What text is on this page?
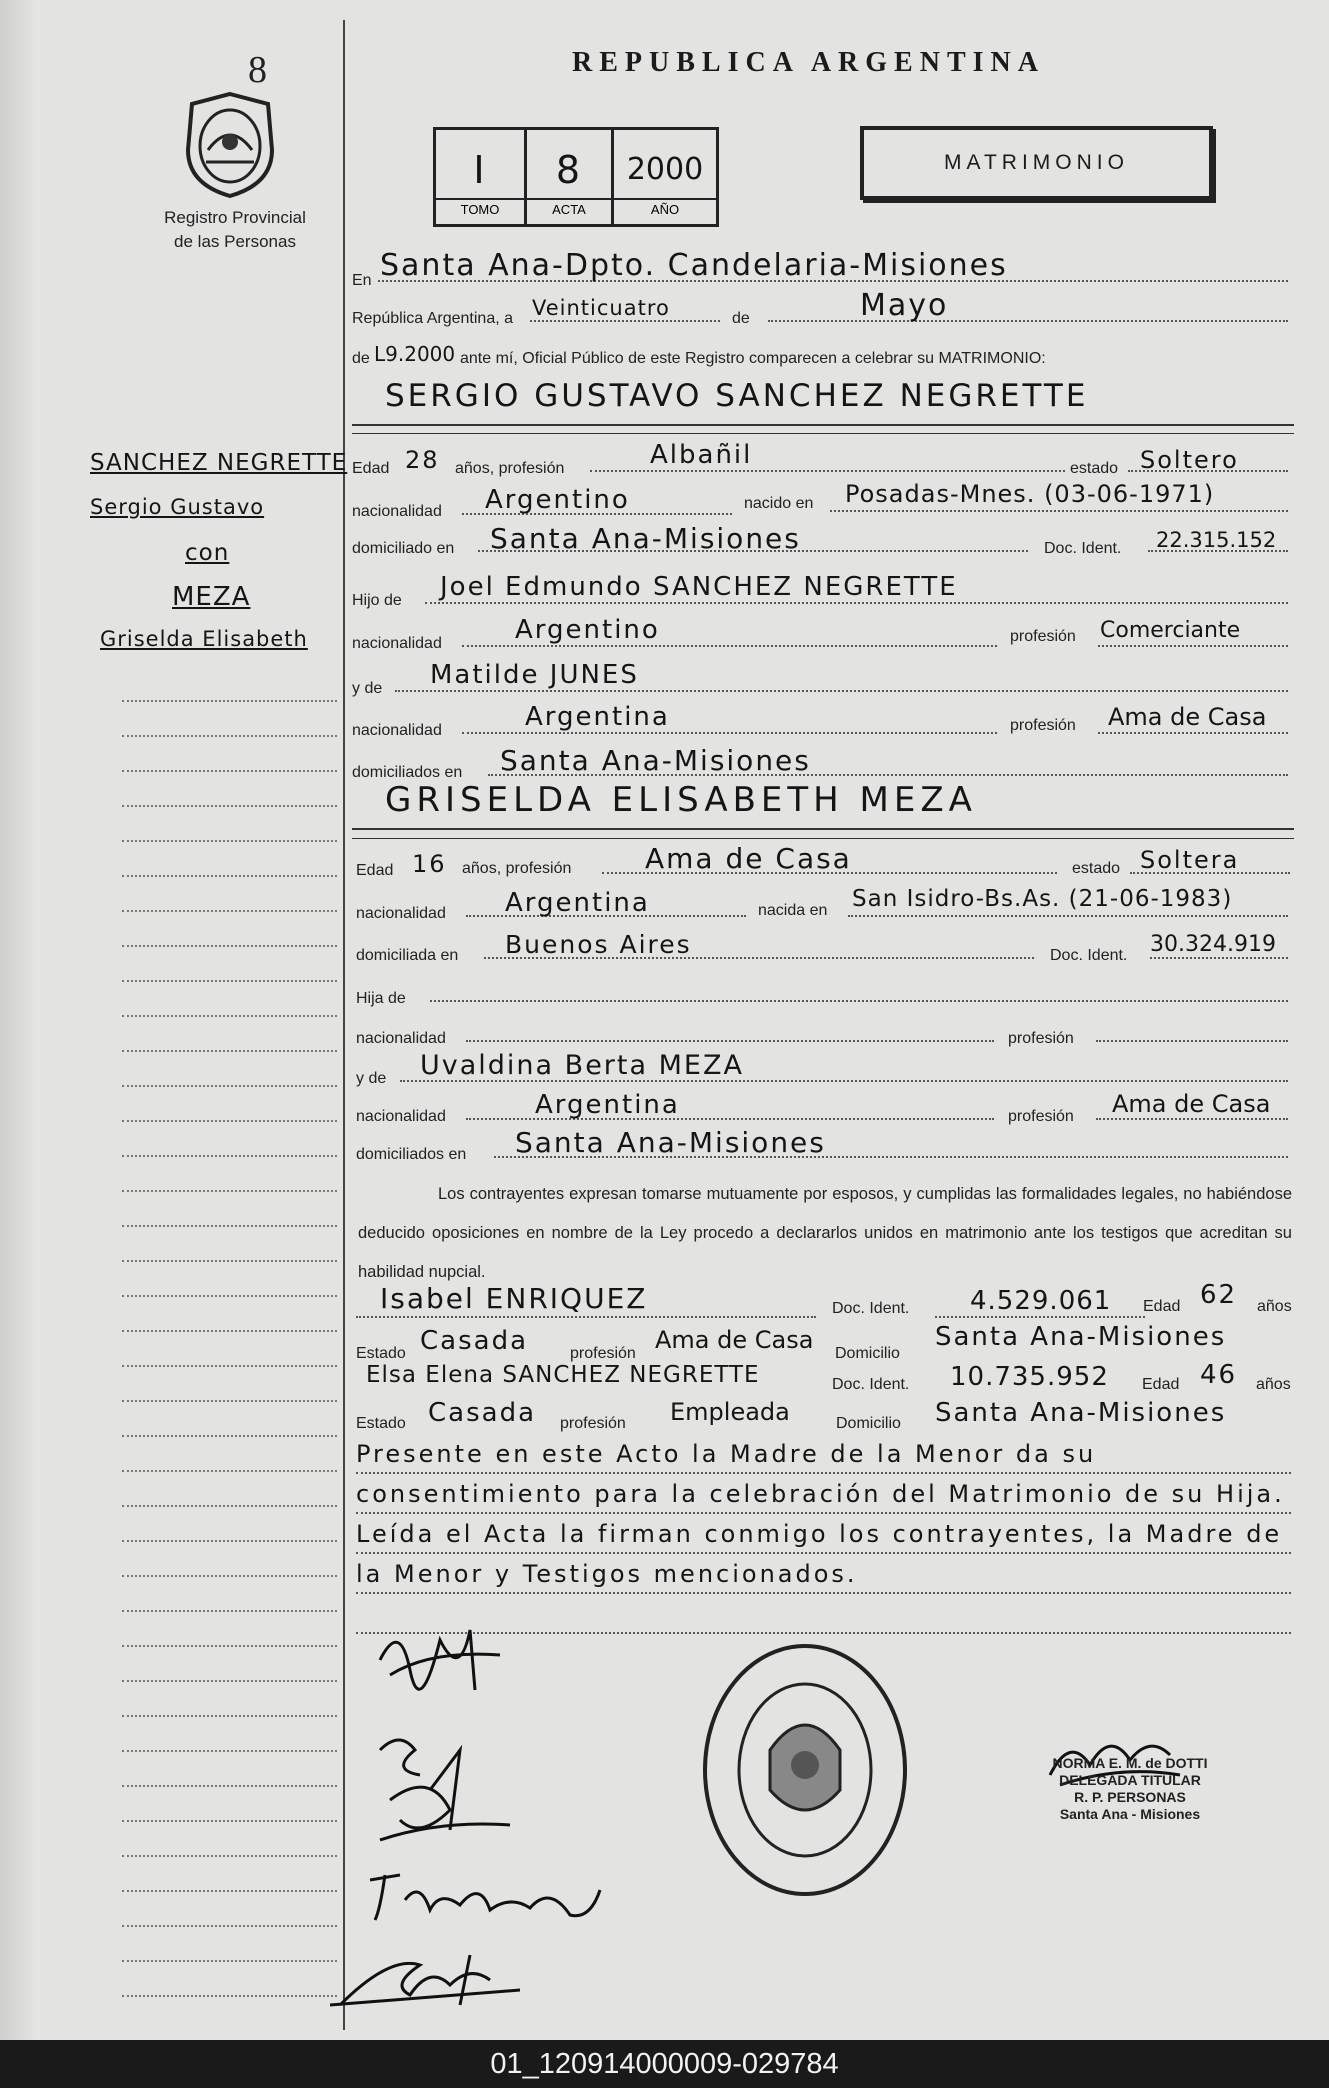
8
Registro Provincial
de las Personas
REPUBLICA ARGENTINA
I	8	2000
TOMO	ACTA	AÑO
MATRIMONIO
SANCHEZ NEGRETTE
Sergio Gustavo
con
MEZA
Griselda Elisabeth
En Santa Ana-Dpto. Candelaria-Misiones
República Argentina, a Veinticuatro	de	Mayo
de L9.2000 ante mí, Oficial Público de este Registro comparecen a celebrar su MATRIMONIO:
SERGIO GUSTAVO SANCHEZ NEGRETTE
Edad 28 años, profesión	Albañil	estado Soltero
nacionalidad Argentino	nacido en Posadas-Mnes. (03-06-1971)
domiciliado en Santa Ana-Misiones	Doc. Ident. 22.315.152
Hijo de Joel Edmundo SANCHEZ NEGRETTE
nacionalidad	Argentino	profesión Comerciante
y de Matilde JUNES
nacionalidad	Argentina	profesión Ama de Casa
domiciliados en Santa Ana-Misiones
GRISELDA ELISABETH MEZA
Edad 16 años, profesión	Ama de Casa	estado Soltera
nacionalidad Argentina	nacida en San Isidro-Bs.As. (21-06-1983)
domiciliada en Buenos Aires	Doc. Ident. 30.324.919
Hija de
nacionalidad	profesión
y de Uvaldina Berta MEZA
nacionalidad	Argentina	profesión Ama de Casa
domiciliados en Santa Ana-Misiones
Los contrayentes expresan tomarse mutuamente por esposos, y cumplidas las formalidades legales, no habiéndose deducido oposiciones en nombre de la Ley procedo a declararlos unidos en matrimonio ante los testigos que acreditan su habilidad nupcial.
Isabel ENRIQUEZ	Doc. Ident. 4.529.061 Edad 62 años
Estado Casada	profesión Ama de Casa Domicilio
Santa Ana-Misiones
Elsa Elena SANCHEZ NEGRETTE	Doc. Ident. 10.735.952 Edad 46 años
Estado Casada profesión Empleada	Domicilio Santa Ana-Misiones
Presente en este Acto la Madre de la Menor da su consentimiento para la celebración del Matrimonio de su Hija. Leída el Acta la firman conmigo los contrayentes, la Madre de la Menor y Testigos mencionados.
NORMA E. M. de DOTTI
DELEGADA TITULAR
R. P. PERSONAS
Santa Ana - Misiones
01_120914000009-029784
